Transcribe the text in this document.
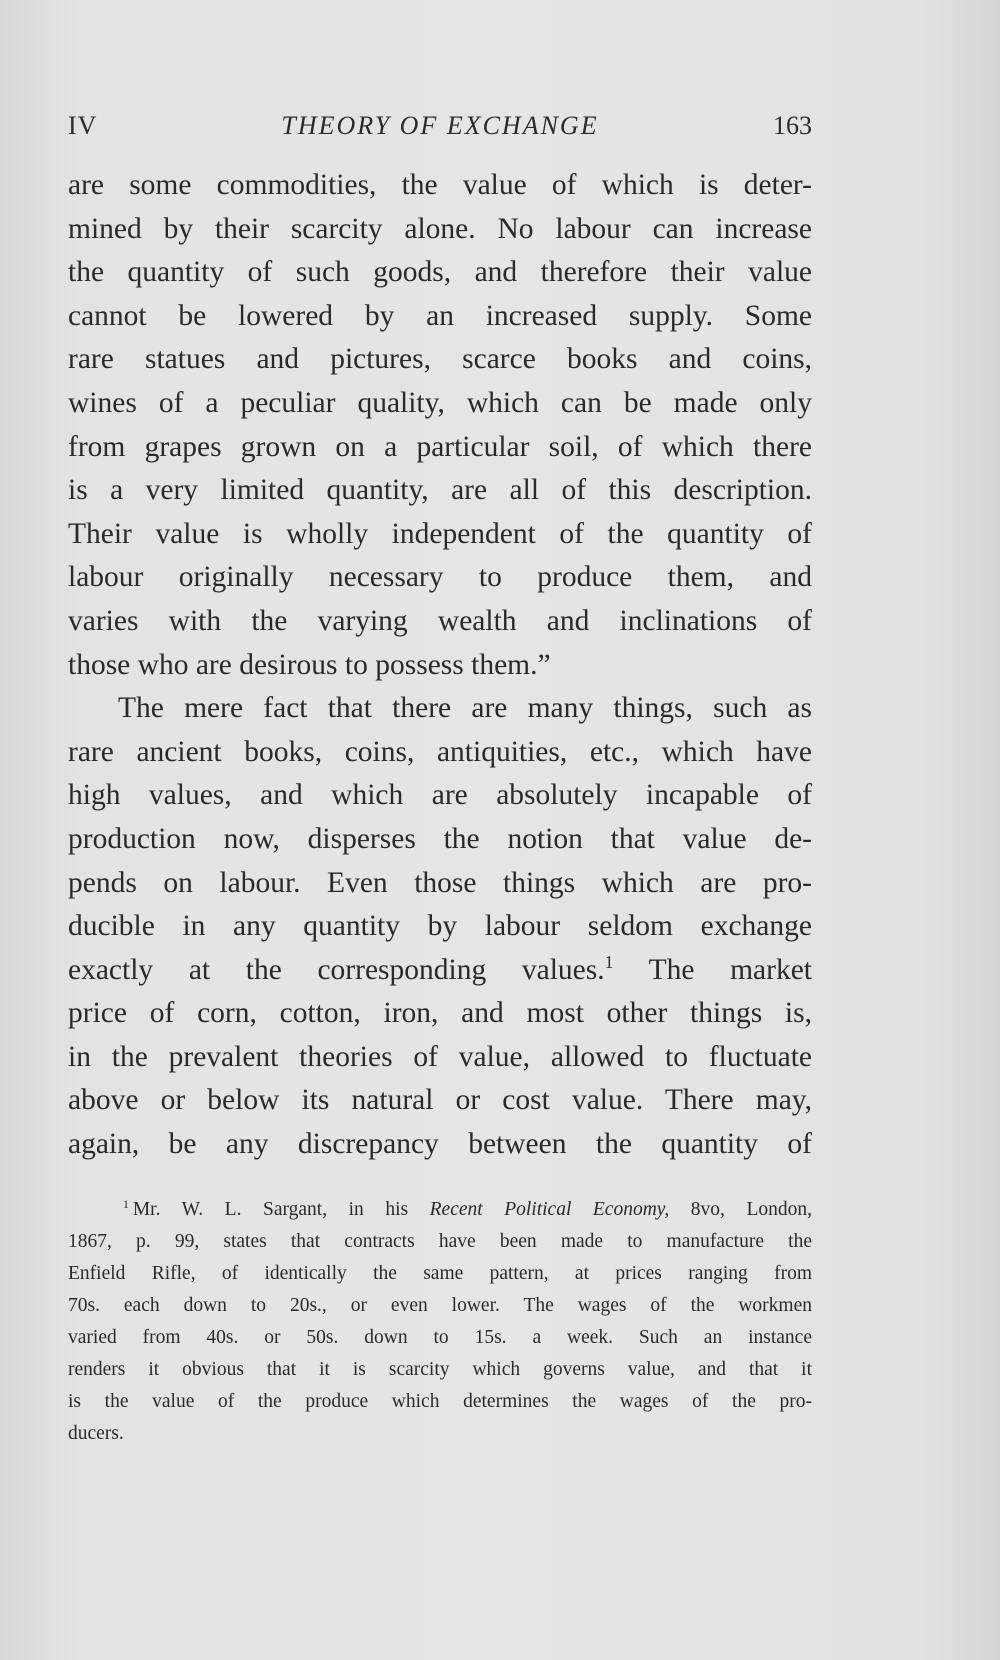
IV	THEORY OF EXCHANGE	163
are some commodities, the value of which is deter-
mined by their scarcity alone. No labour can increase
the quantity of such goods, and therefore their value
cannot be lowered by an increased supply. Some
rare statues and pictures, scarce books and coins,
wines of a peculiar quality, which can be made only
from grapes grown on a particular soil, of which there
is a very limited quantity, are all of this description.
Their value is wholly independent of the quantity of
labour originally necessary to produce them, and
varies with the varying wealth and inclinations of
those who are desirous to possess them.”
The mere fact that there are many things, such as
rare ancient books, coins, antiquities, etc., which have
high values, and which are absolutely incapable of
production now, disperses the notion that value de-
pends on labour. Even those things which are pro-
ducible in any quantity by labour seldom exchange
exactly at the corresponding values.$^1$ The market
price of corn, cotton, iron, and most other things is,
in the prevalent theories of value, allowed to fluctuate
above or below its natural or cost value. There may,
again, be any discrepancy between the quantity of
$^1$ Mr. W. L. Sargant, in his Recent Political Economy, 8vo, London,
1867, p. 99, states that contracts have been made to manufacture the
Enfield Rifle, of identically the same pattern, at prices ranging from
70s. each down to 20s., or even lower. The wages of the workmen
varied from 40s. or 50s. down to 15s. a week. Such an instance
renders it obvious that it is scarcity which governs value, and that it
is the value of the produce which determines the wages of the pro-
ducers.
